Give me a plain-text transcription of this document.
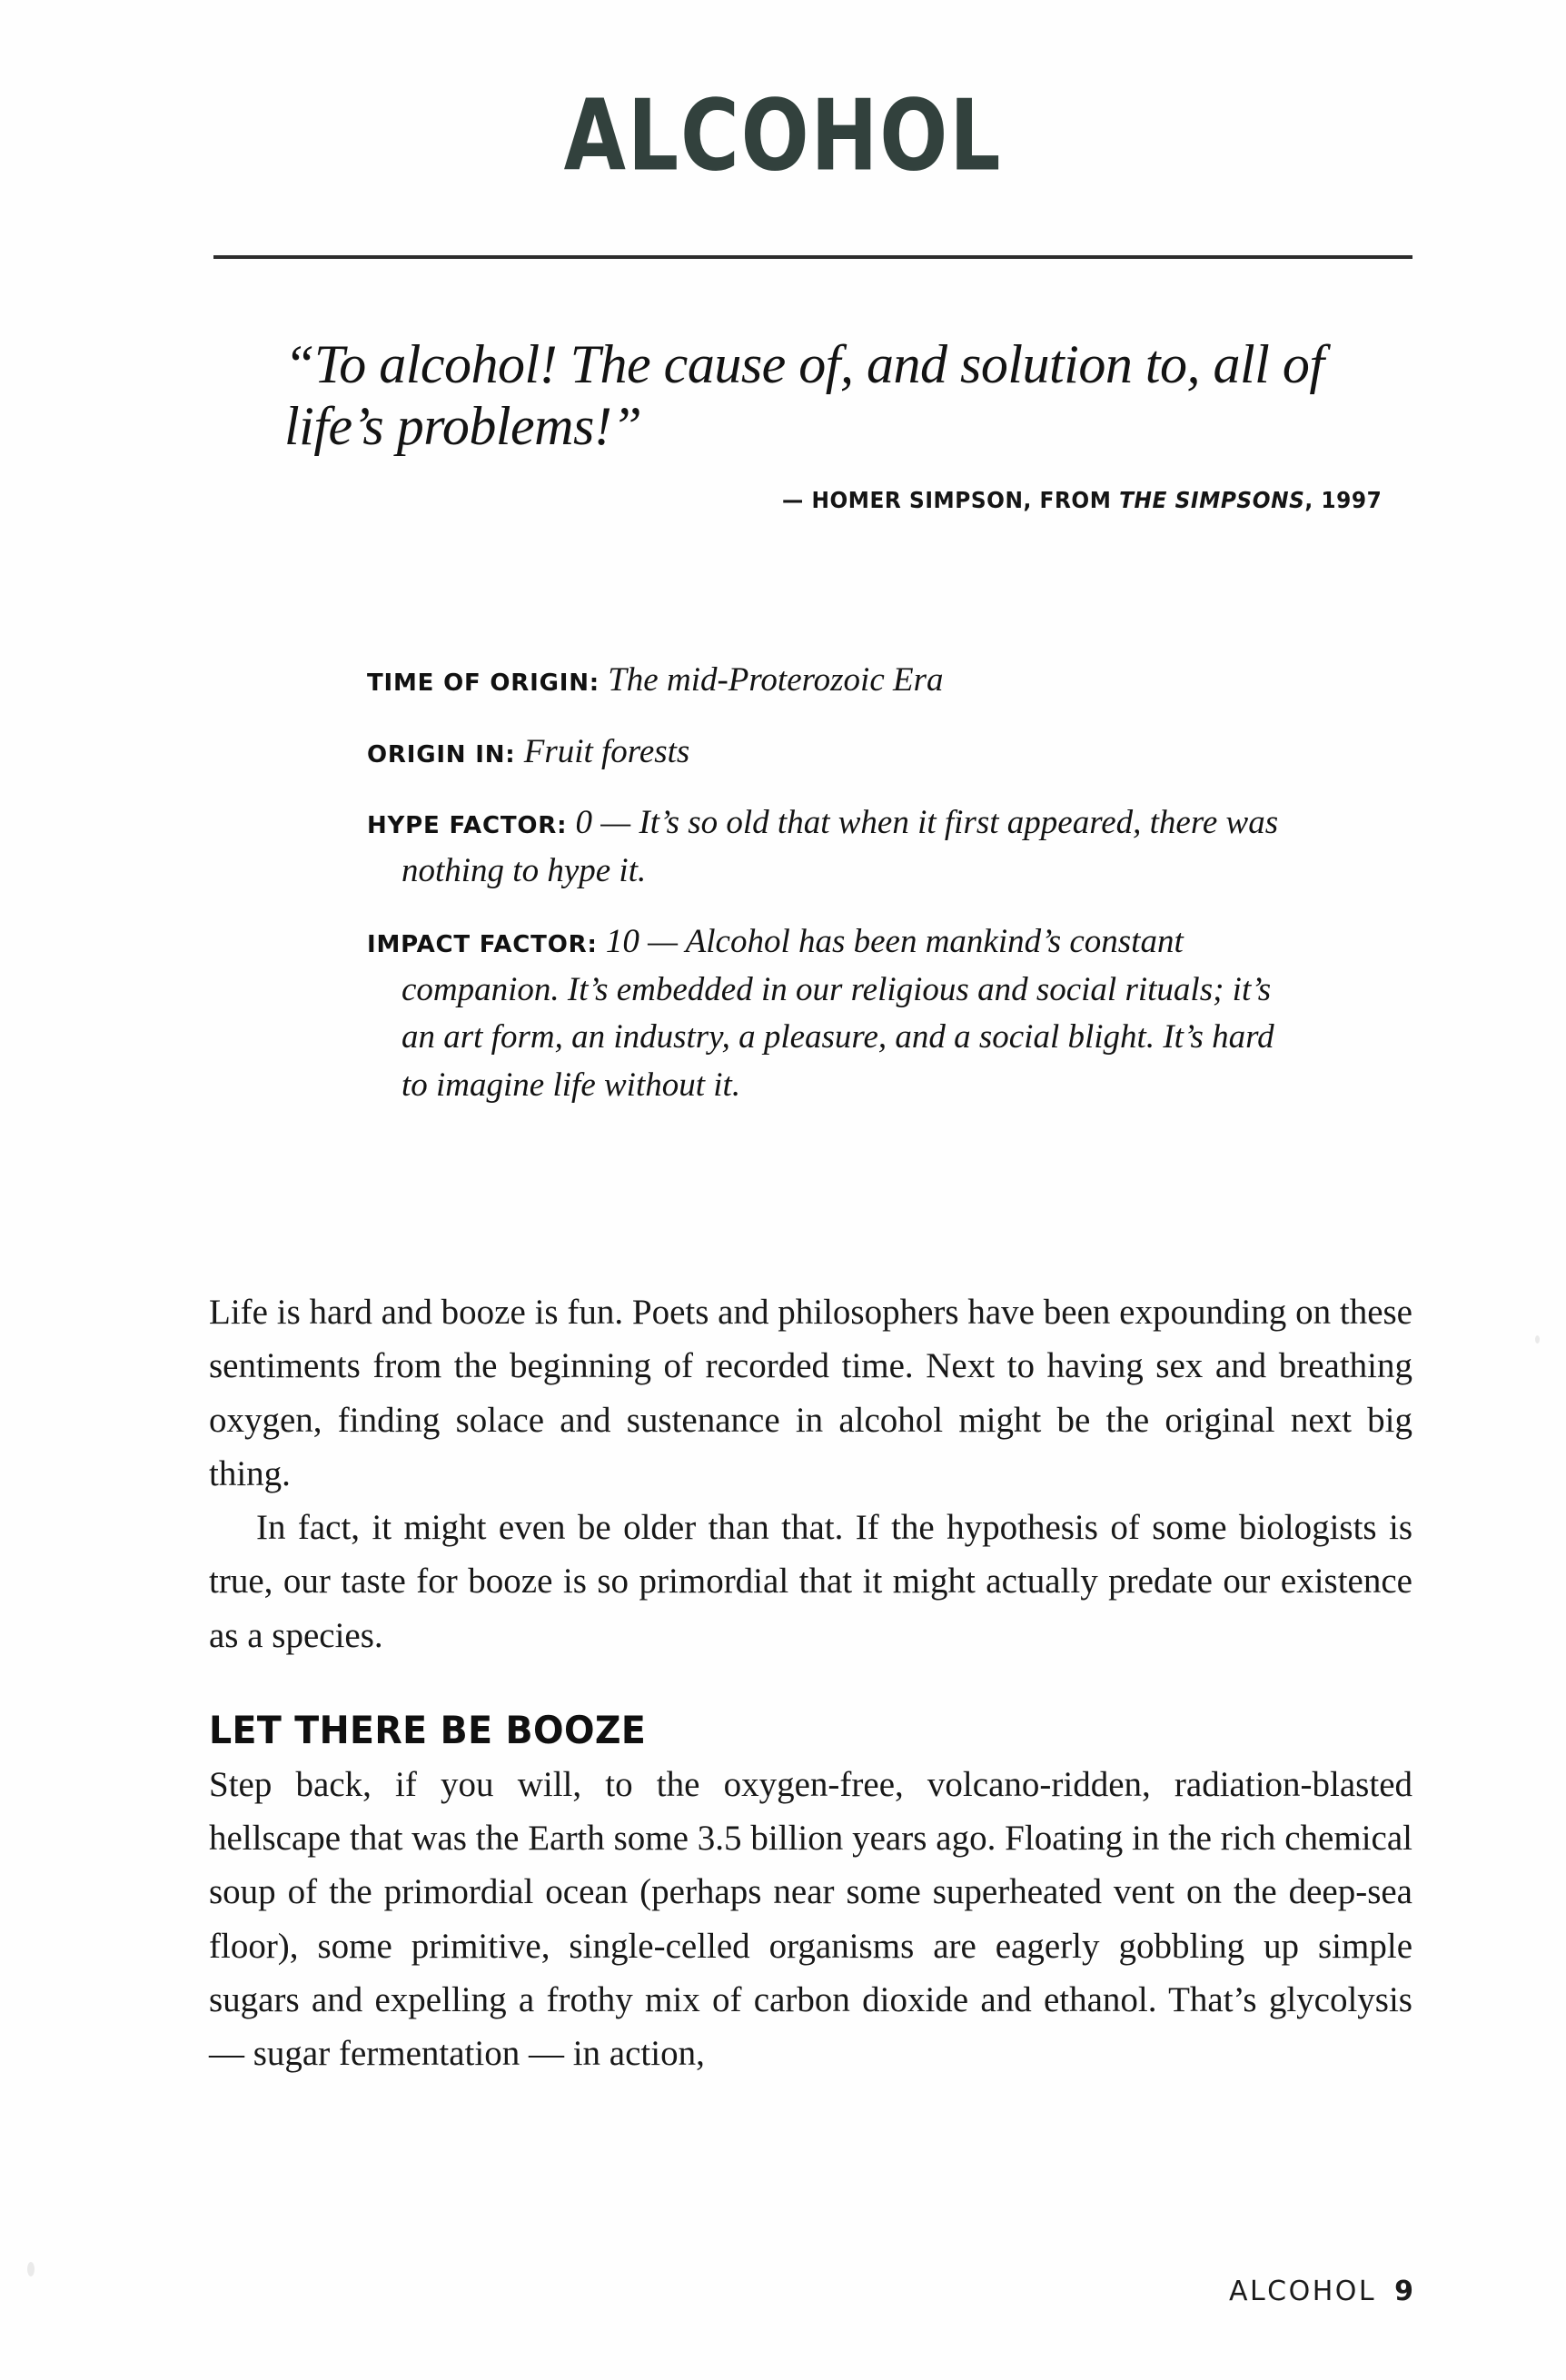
ALCOHOL
“To alcohol! The cause of, and solution to, all of life’s problems!”
— HOMER SIMPSON, FROM THE SIMPSONS, 1997
TIME OF ORIGIN: The mid-Proterozoic Era
ORIGIN IN: Fruit forests
HYPE FACTOR: 0 — It’s so old that when it first appeared, there was nothing to hype it.
IMPACT FACTOR: 10 — Alcohol has been mankind’s constant companion. It’s embedded in our religious and social rituals; it’s an art form, an industry, a pleasure, and a social blight. It’s hard to imagine life without it.

Life is hard and booze is fun. Poets and philosophers have been expounding on these sentiments from the beginning of recorded time. Next to having sex and breathing oxygen, finding solace and sustenance in alcohol might be the original next big thing.

In fact, it might even be older than that. If the hypothesis of some biologists is true, our taste for booze is so primordial that it might actually predate our existence as a species.

LET THERE BE BOOZE

Step back, if you will, to the oxygen-free, volcano-ridden, radiation-blasted hellscape that was the Earth some 3.5 billion years ago. Floating in the rich chemical soup of the primordial ocean (perhaps near some superheated vent on the deep-sea floor), some primitive, single-celled organisms are eagerly gobbling up simple sugars and expelling a frothy mix of carbon dioxide and ethanol. That’s glycolysis — sugar fermentation — in action,

ALCOHOL 9
